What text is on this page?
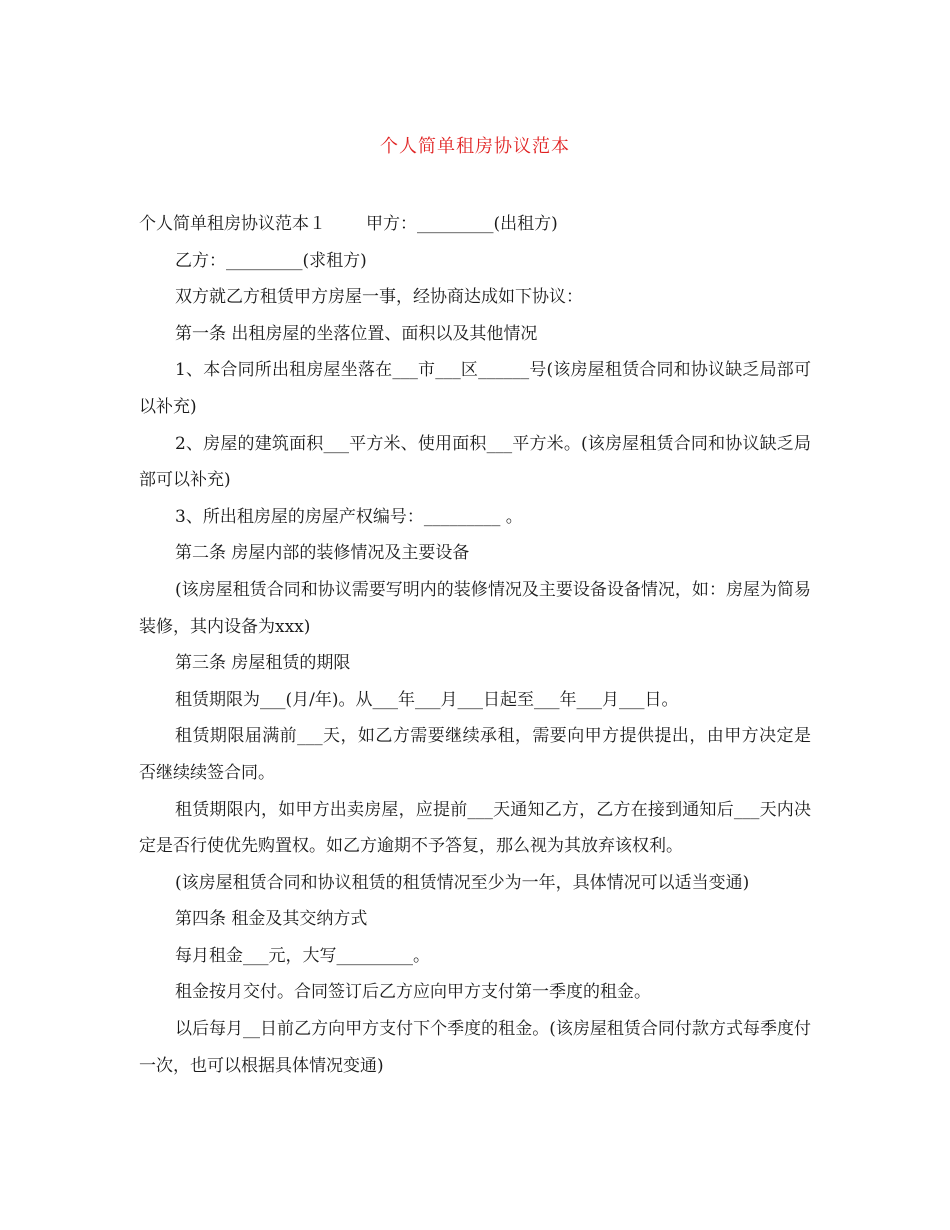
个人简单租房协议范本

个人简单租房协议范本１ 甲方：_________(出租方)

乙方：_________(求租方)

双方就乙方租赁甲方房屋一事，经协商达成如下协议：

第一条 出租房屋的坐落位置、面积以及其他情况

1、本合同所出租房屋坐落在___市___区______号(该房屋租赁合同和协议缺乏局部可以补充)

2、房屋的建筑面积___平方米、使用面积___平方米。(该房屋租赁合同和协议缺乏局部可以补充)

3、所出租房屋的房屋产权编号：_________ 。

第二条 房屋内部的装修情况及主要设备

(该房屋租赁合同和协议需要写明内的装修情况及主要设备设备情况，如：房屋为简易装修，其内设备为xxx)

第三条 房屋租赁的期限

租赁期限为___(月/年)。从___年___月___日起至___年___月___日。

租赁期限届满前___天，如乙方需要继续承租，需要向甲方提供提出，由甲方决定是否继续续签合同。

租赁期限内，如甲方出卖房屋，应提前___天通知乙方，乙方在接到通知后___天内决定是否行使优先购置权。如乙方逾期不予答复，那么视为其放弃该权利。

(该房屋租赁合同和协议租赁的租赁情况至少为一年，具体情况可以适当变通)

第四条 租金及其交纳方式

每月租金___元，大写_________。

租金按月交付。合同签订后乙方应向甲方支付第一季度的租金。

以后每月__日前乙方向甲方支付下个季度的租金。(该房屋租赁合同付款方式每季度付一次，也可以根据具体情况变通)
